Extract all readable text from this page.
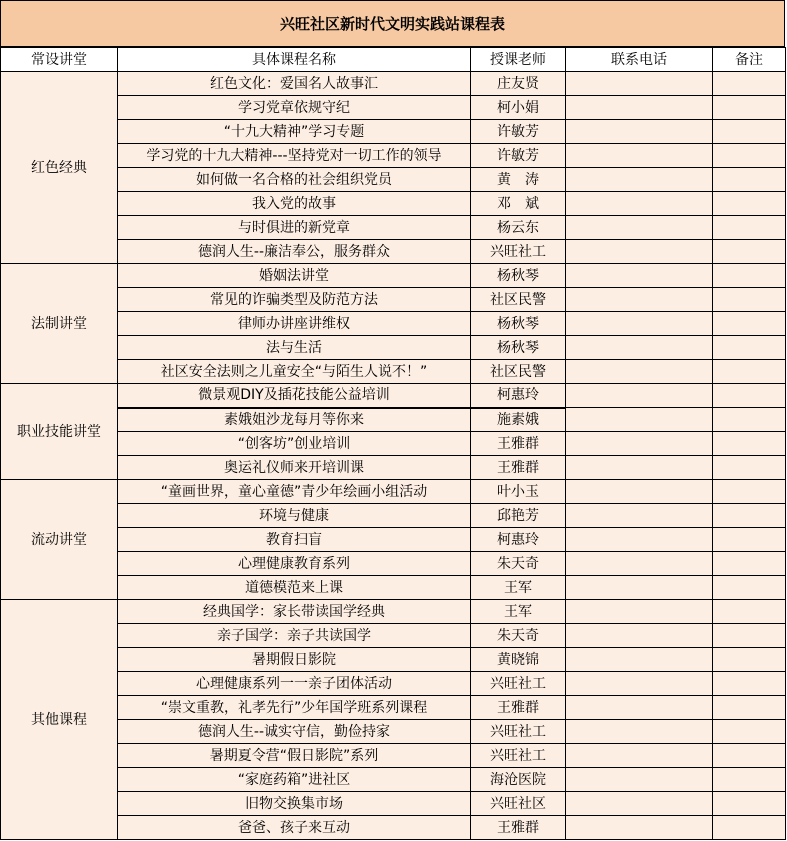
兴旺社区新时代文明实践站课程表
常设讲堂	具体课程名称	授课老师	联系电话	备注
红色经典	红色文化：爱国名人故事汇	庄友贤		
	学习党章依规守纪	柯小娟		
	“十九大精神”学习专题	许敏芳		
	学习党的十九大精神---坚持党对一切工作的领导	许敏芳		
	如何做一名合格的社会组织党员	黄　涛		
	我入党的故事	邓　斌		
	与时俱进的新党章	杨云东		
	德润人生--廉洁奉公，服务群众	兴旺社工		
法制讲堂	婚姻法讲堂	杨秋琴		
	常见的诈骗类型及防范方法	社区民警		
	律师办讲座讲维权	杨秋琴		
	法与生活	杨秋琴		
	社区安全法则之儿童安全“与陌生人说不！”	社区民警		
职业技能讲堂	微景观DIY及插花技能公益培训	柯惠玲		
	素娥姐沙龙每月等你来	施素娥		
	“创客坊”创业培训	王雅群		
	奥运礼仪师来开培训课	王雅群		
流动讲堂	“童画世界，童心童德”青少年绘画小组活动	叶小玉		
	环境与健康	邱艳芳		
	教育扫盲	柯惠玲		
	心理健康教育系列	朱天奇		
	道德模范来上课	王军		
其他课程	经典国学：家长带读国学经典	王军		
	亲子国学：亲子共读国学	朱天奇		
	暑期假日影院	黄晓锦		
	心理健康系列一一亲子团体活动	兴旺社工		
	“崇文重教，礼孝先行”少年国学班系列课程	王雅群		
	德润人生--诚实守信，勤俭持家	兴旺社工		
	暑期夏令营“假日影院”系列	兴旺社工		
	“家庭药箱”进社区	海沧医院		
	旧物交换集市场	兴旺社区		
	爸爸、孩子来互动	王雅群		
